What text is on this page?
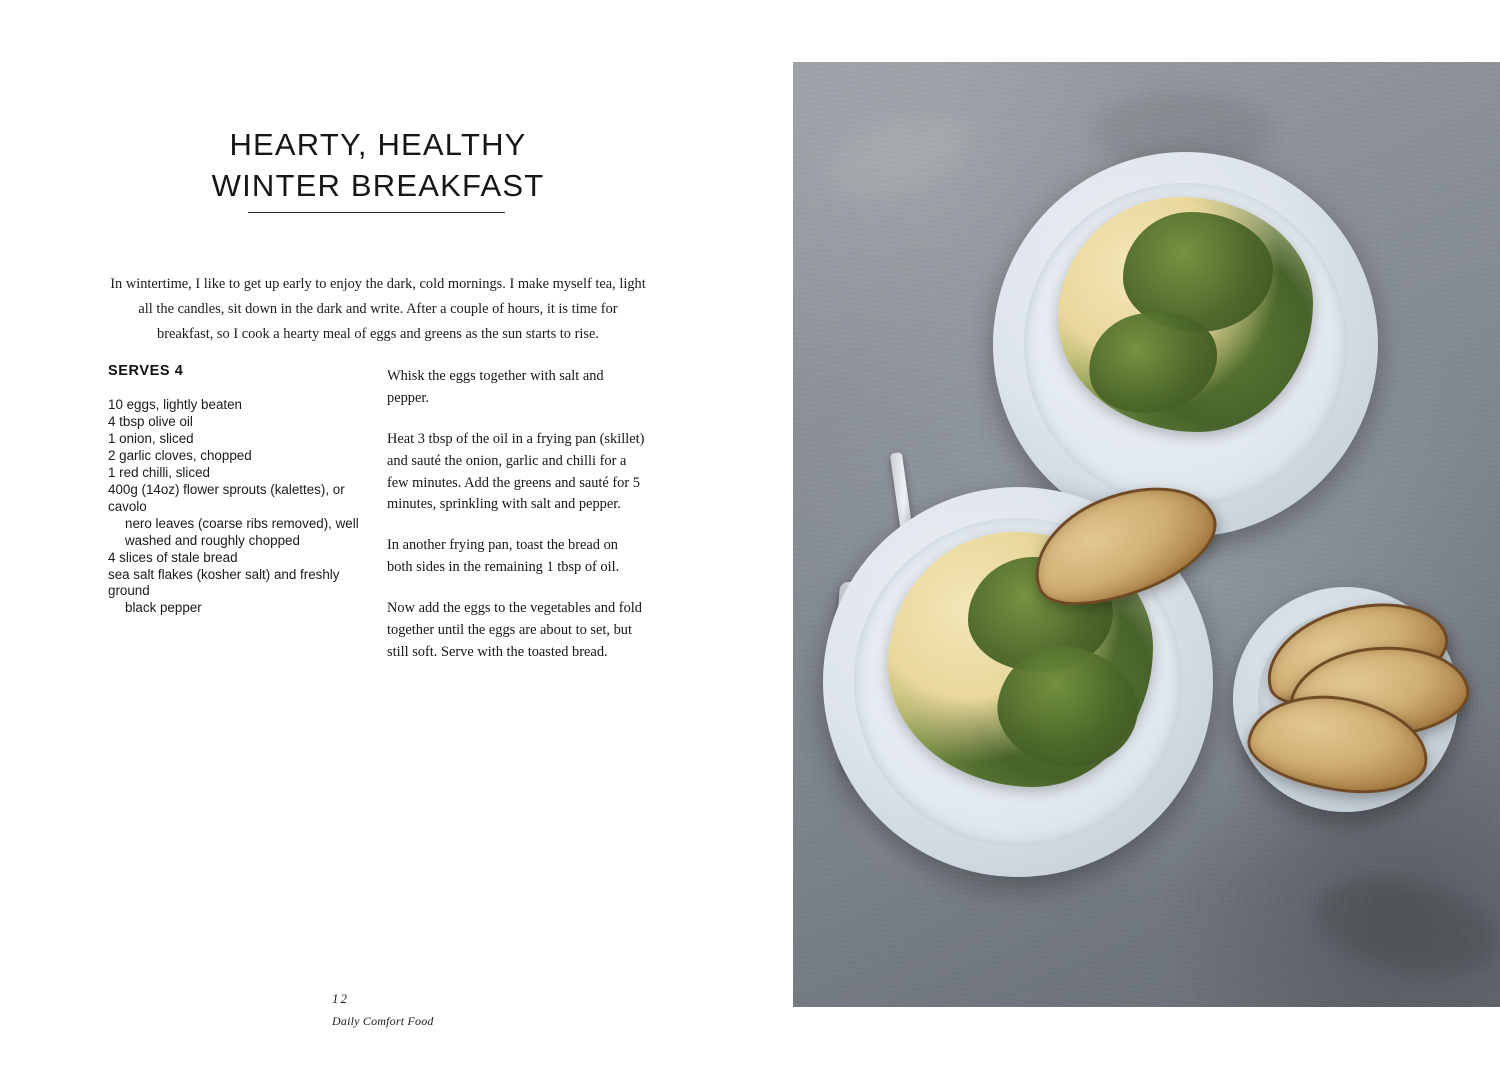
HEARTY, HEALTHY
WINTER BREAKFAST

In wintertime, I like to get up early to enjoy the dark, cold mornings. I make myself tea, light all the candles, sit down in the dark and write. After a couple of hours, it is time for breakfast, so I cook a hearty meal of eggs and greens as the sun starts to rise.

SERVES 4
10 eggs, lightly beaten
4 tbsp olive oil
1 onion, sliced
2 garlic cloves, chopped
1 red chilli, sliced
400g (14oz) flower sprouts (kalettes), or cavolo
nero leaves (coarse ribs removed), well washed and roughly chopped
4 slices of stale bread
sea salt flakes (kosher salt) and freshly ground
black pepper

Whisk the eggs together with salt and pepper.

Heat 3 tbsp of the oil in a frying pan (skillet) and sauté the onion, garlic and chilli for a few minutes. Add the greens and sauté for 5 minutes, sprinkling with salt and pepper.

In another frying pan, toast the bread on both sides in the remaining 1 tbsp of oil.

Now add the eggs to the vegetables and fold together until the eggs are about to set, but still soft. Serve with the toasted bread.

12
Daily Comfort Food
